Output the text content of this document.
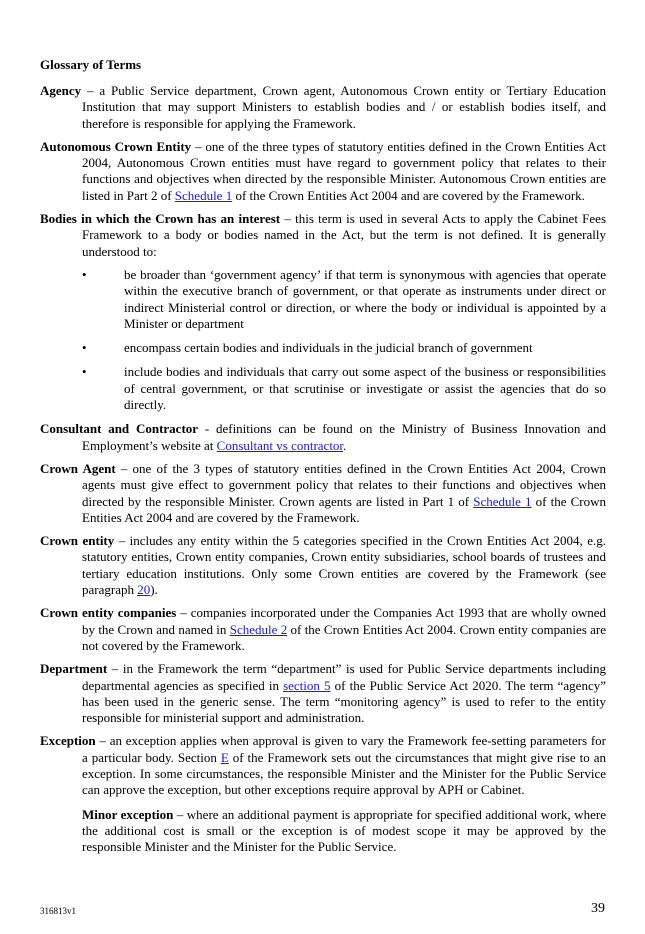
Glossary of Terms

Agency – a Public Service department, Crown agent, Autonomous Crown entity or Tertiary Education Institution that may support Ministers to establish bodies and / or establish bodies itself, and therefore is responsible for applying the Framework.

Autonomous Crown Entity – one of the three types of statutory entities defined in the Crown Entities Act 2004, Autonomous Crown entities must have regard to government policy that relates to their functions and objectives when directed by the responsible Minister. Autonomous Crown entities are listed in Part 2 of Schedule 1 of the Crown Entities Act 2004 and are covered by the Framework.

Bodies in which the Crown has an interest – this term is used in several Acts to apply the Cabinet Fees Framework to a body or bodies named in the Act, but the term is not defined. It is generally understood to:

•	be broader than ‘government agency’ if that term is synonymous with agencies that operate within the executive branch of government, or that operate as instruments under direct or indirect Ministerial control or direction, or where the body or individual is appointed by a Minister or department
•	encompass certain bodies and individuals in the judicial branch of government
•	include bodies and individuals that carry out some aspect of the business or responsibilities of central government, or that scrutinise or investigate or assist the agencies that do so directly.

Consultant and Contractor - definitions can be found on the Ministry of Business Innovation and Employment’s website at Consultant vs contractor.

Crown Agent – one of the 3 types of statutory entities defined in the Crown Entities Act 2004, Crown agents must give effect to government policy that relates to their functions and objectives when directed by the responsible Minister. Crown agents are listed in Part 1 of Schedule 1 of the Crown Entities Act 2004 and are covered by the Framework.

Crown entity – includes any entity within the 5 categories specified in the Crown Entities Act 2004, e.g. statutory entities, Crown entity companies, Crown entity subsidiaries, school boards of trustees and tertiary education institutions. Only some Crown entities are covered by the Framework (see paragraph 20).

Crown entity companies – companies incorporated under the Companies Act 1993 that are wholly owned by the Crown and named in Schedule 2 of the Crown Entities Act 2004. Crown entity companies are not covered by the Framework.

Department – in the Framework the term “department” is used for Public Service departments including departmental agencies as specified in section 5 of the Public Service Act 2020. The term “agency” has been used in the generic sense. The term “monitoring agency” is used to refer to the entity responsible for ministerial support and administration.

Exception – an exception applies when approval is given to vary the Framework fee-setting parameters for a particular body. Section E of the Framework sets out the circumstances that might give rise to an exception. In some circumstances, the responsible Minister and the Minister for the Public Service can approve the exception, but other exceptions require approval by APH or Cabinet.

Minor exception – where an additional payment is appropriate for specified additional work, where the additional cost is small or the exception is of modest scope it may be approved by the responsible Minister and the Minister for the Public Service.

316813v1	39
